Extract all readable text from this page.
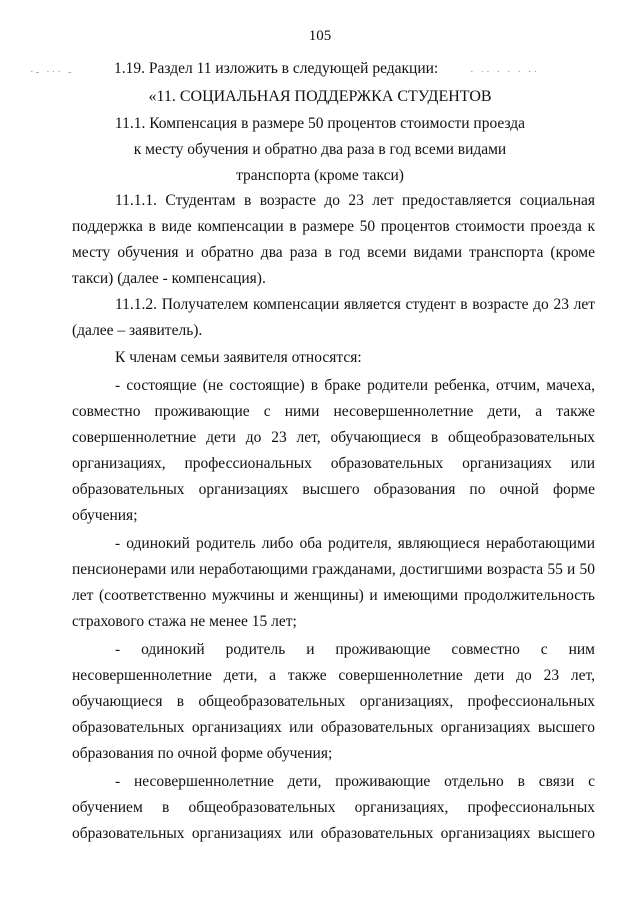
105
·- ··· -	· ·· · · · ··
1.19. Раздел 11 изложить в следующей редакции:
«11. СОЦИАЛЬНАЯ ПОДДЕРЖКА СТУДЕНТОВ
11.1. Компенсация в размере 50 процентов стоимости проезда
к месту обучения и обратно два раза в год всеми видами
транспорта (кроме такси)
11.1.1. Студентам в возрасте до 23 лет предоставляется социальная
поддержка в виде компенсации в размере 50 процентов стоимости проезда к
месту обучения и обратно два раза в год всеми видами транспорта (кроме
такси) (далее - компенсация).
11.1.2. Получателем компенсации является студент в возрасте до 23 лет
(далее – заявитель).
К членам семьи заявителя относятся:
- состоящие (не состоящие) в браке родители ребенка, отчим, мачеха,
совместно проживающие с ними несовершеннолетние дети, а также
совершеннолетние дети до 23 лет, обучающиеся в общеобразовательных
организациях, профессиональных образовательных организациях или
образовательных организациях высшего образования по очной форме
обучения;
- одинокий родитель либо оба родителя, являющиеся неработающими
пенсионерами или неработающими гражданами, достигшими возраста 55 и 50
лет (соответственно мужчины и женщины) и имеющими продолжительность
страхового стажа не менее 15 лет;
- одинокий родитель и проживающие совместно с ним
несовершеннолетние дети, а также совершеннолетние дети до 23 лет,
обучающиеся в общеобразовательных организациях, профессиональных
образовательных организациях или образовательных организациях высшего
образования по очной форме обучения;
- несовершеннолетние дети, проживающие отдельно в связи с
обучением в общеобразовательных организациях, профессиональных
образовательных организациях или образовательных организациях высшего
